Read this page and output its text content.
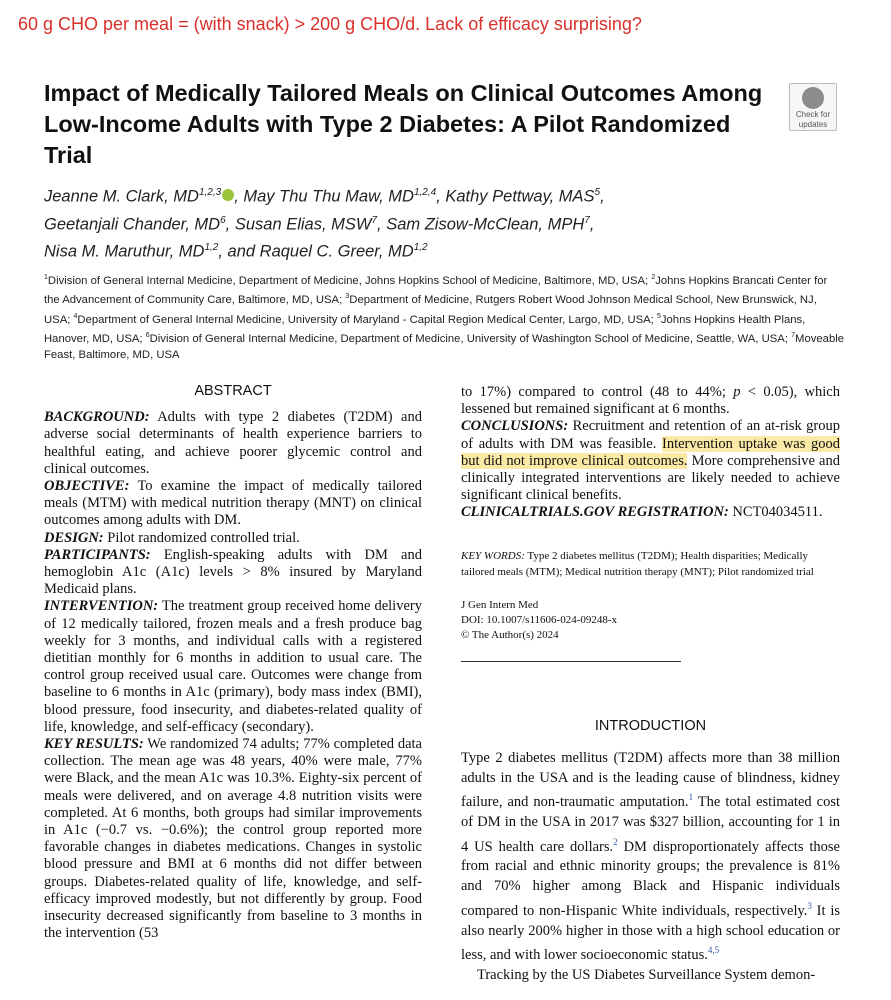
60 g CHO per meal = (with snack) > 200 g CHO/d. Lack of efficacy surprising?
Impact of Medically Tailored Meals on Clinical Outcomes Among Low-Income Adults with Type 2 Diabetes: A Pilot Randomized Trial
Check for
updates
Jeanne M. Clark, MD$^{1,2,3}$ , May Thu Thu Maw, MD$^{1,2,4}$, Kathy Pettway, MAS$^5$,
Geetanjali Chander, $MD^6$, Susan Elias, MSW$^7$, Sam Zisow-McClean, MPH$^7$,
Nisa M. Maruthur, MD$^{1,2}$, and Raquel C. Greer, MD$^{1,2}$
$^1$Division of General Internal Medicine, Department of Medicine, Johns Hopkins School of Medicine, Baltimore, MD, USA; $^2$Johns Hopkins Brancati Center for the Advancement of Community Care, Baltimore, MD, USA; $^3$Department of Medicine, Rutgers Robert Wood Johnson Medical School, New Brunswick, NJ, USA; $^4$Department of General Internal Medicine, University of Maryland - Capital Region Medical Center, Largo, MD, USA; $^5$Johns Hopkins Health Plans, Hanover, MD, USA; $^6$Division of General Internal Medicine, Department of Medicine, University of Washington School of Medicine, Seattle, WA, USA; $^7$Moveable Feast, Baltimore, MD, USA
ABSTRACT

BACKGROUND: Adults with type 2 diabetes (T2DM) and adverse social determinants of health experience barriers to healthful eating, and achieve poorer glycemic control and clinical outcomes.

OBJECTIVE: To examine the impact of medically tailored meals (MTM) with medical nutrition therapy (MNT) on clinical outcomes among adults with DM.

DESIGN: Pilot randomized controlled trial.

PARTICIPANTS: English-speaking adults with DM and hemoglobin A1c (A1c) levels > 8% insured by Maryland Medicaid plans.

INTERVENTION: The treatment group received home delivery of 12 medically tailored, frozen meals and a fresh produce bag weekly for 3 months, and individual calls with a registered dietitian monthly for 6 months in addition to usual care. The control group received usual care. Outcomes were change from baseline to 6 months in A1c (primary), body mass index (BMI), blood pressure, food insecurity, and diabetes-related quality of life, knowledge, and self-efficacy (secondary).

KEY RESULTS: We randomized 74 adults; 77% completed data collection. The mean age was 48 years, 40% were male, 77% were Black, and the mean A1c was 10.3%. Eighty-six percent of meals were delivered, and on average 4.8 nutrition visits were completed. At 6 months, both groups had similar improvements in A1c (−0.7 vs. −0.6%); the control group reported more favorable changes in diabetes medications. Changes in systolic blood pressure and BMI at 6 months did not differ between groups. Diabetes-related quality of life, knowledge, and self-efficacy improved modestly, but not differently by group. Food insecurity decreased significantly from baseline to 3 months in the intervention (53

to 17%) compared to control (48 to 44%; p < 0.05), which lessened but remained significant at 6 months.

CONCLUSIONS: Recruitment and retention of an at-risk group of adults with DM was feasible. Intervention uptake was good but did not improve clinical outcomes. More comprehensive and clinically integrated interventions are likely needed to achieve significant clinical benefits.

CLINICALTRIALS.GOV REGISTRATION: NCT04034511.

KEY WORDS: Type 2 diabetes mellitus (T2DM); Health disparities; Medically tailored meals (MTM); Medical nutrition therapy (MNT); Pilot randomized trial

J Gen Intern Med
DOI: 10.1007/s11606-024-09248-x
© The Author(s) 2024

INTRODUCTION

Type 2 diabetes mellitus (T2DM) affects more than 38 million adults in the USA and is the leading cause of blindness, kidney failure, and non-traumatic amputation.$^1$ The total estimated cost of DM in the USA in 2017 was $327 billion, accounting for 1 in 4 US health care dollars.$^2$ DM disproportionately affects those from racial and ethnic minority groups; the prevalence is 81% and 70% higher among Black and Hispanic individuals compared to non-Hispanic White individuals, respectively.$^3$ It is also nearly 200% higher in those with a high school education or less, and with lower socioeconomic status.$^{4,5}$

Tracking by the US Diabetes Surveillance System demon-
